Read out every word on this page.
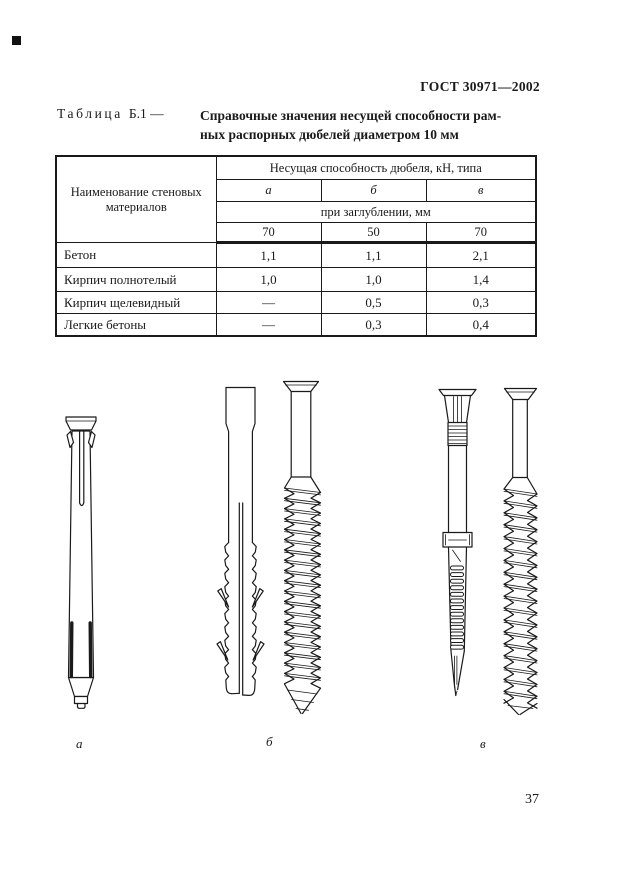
ГОСТ 30971—2002
Таблица Б.1 —	Справочные значения несущей способности рам-
ных распорных дюбелей диаметром 10 мм
Наименование стеновых материалов	Несущая способность дюбеля, кН, типа		
	а	б	в
	при заглублении, мм		
	70	50	70
Бетон	1,1	1,1	2,1
Кирпич полнотелый	1,0	1,0	1,4
Кирпич щелевидный	—	0,5	0,3
Легкие бетоны	—	0,3	0,4
а	б	в
37
